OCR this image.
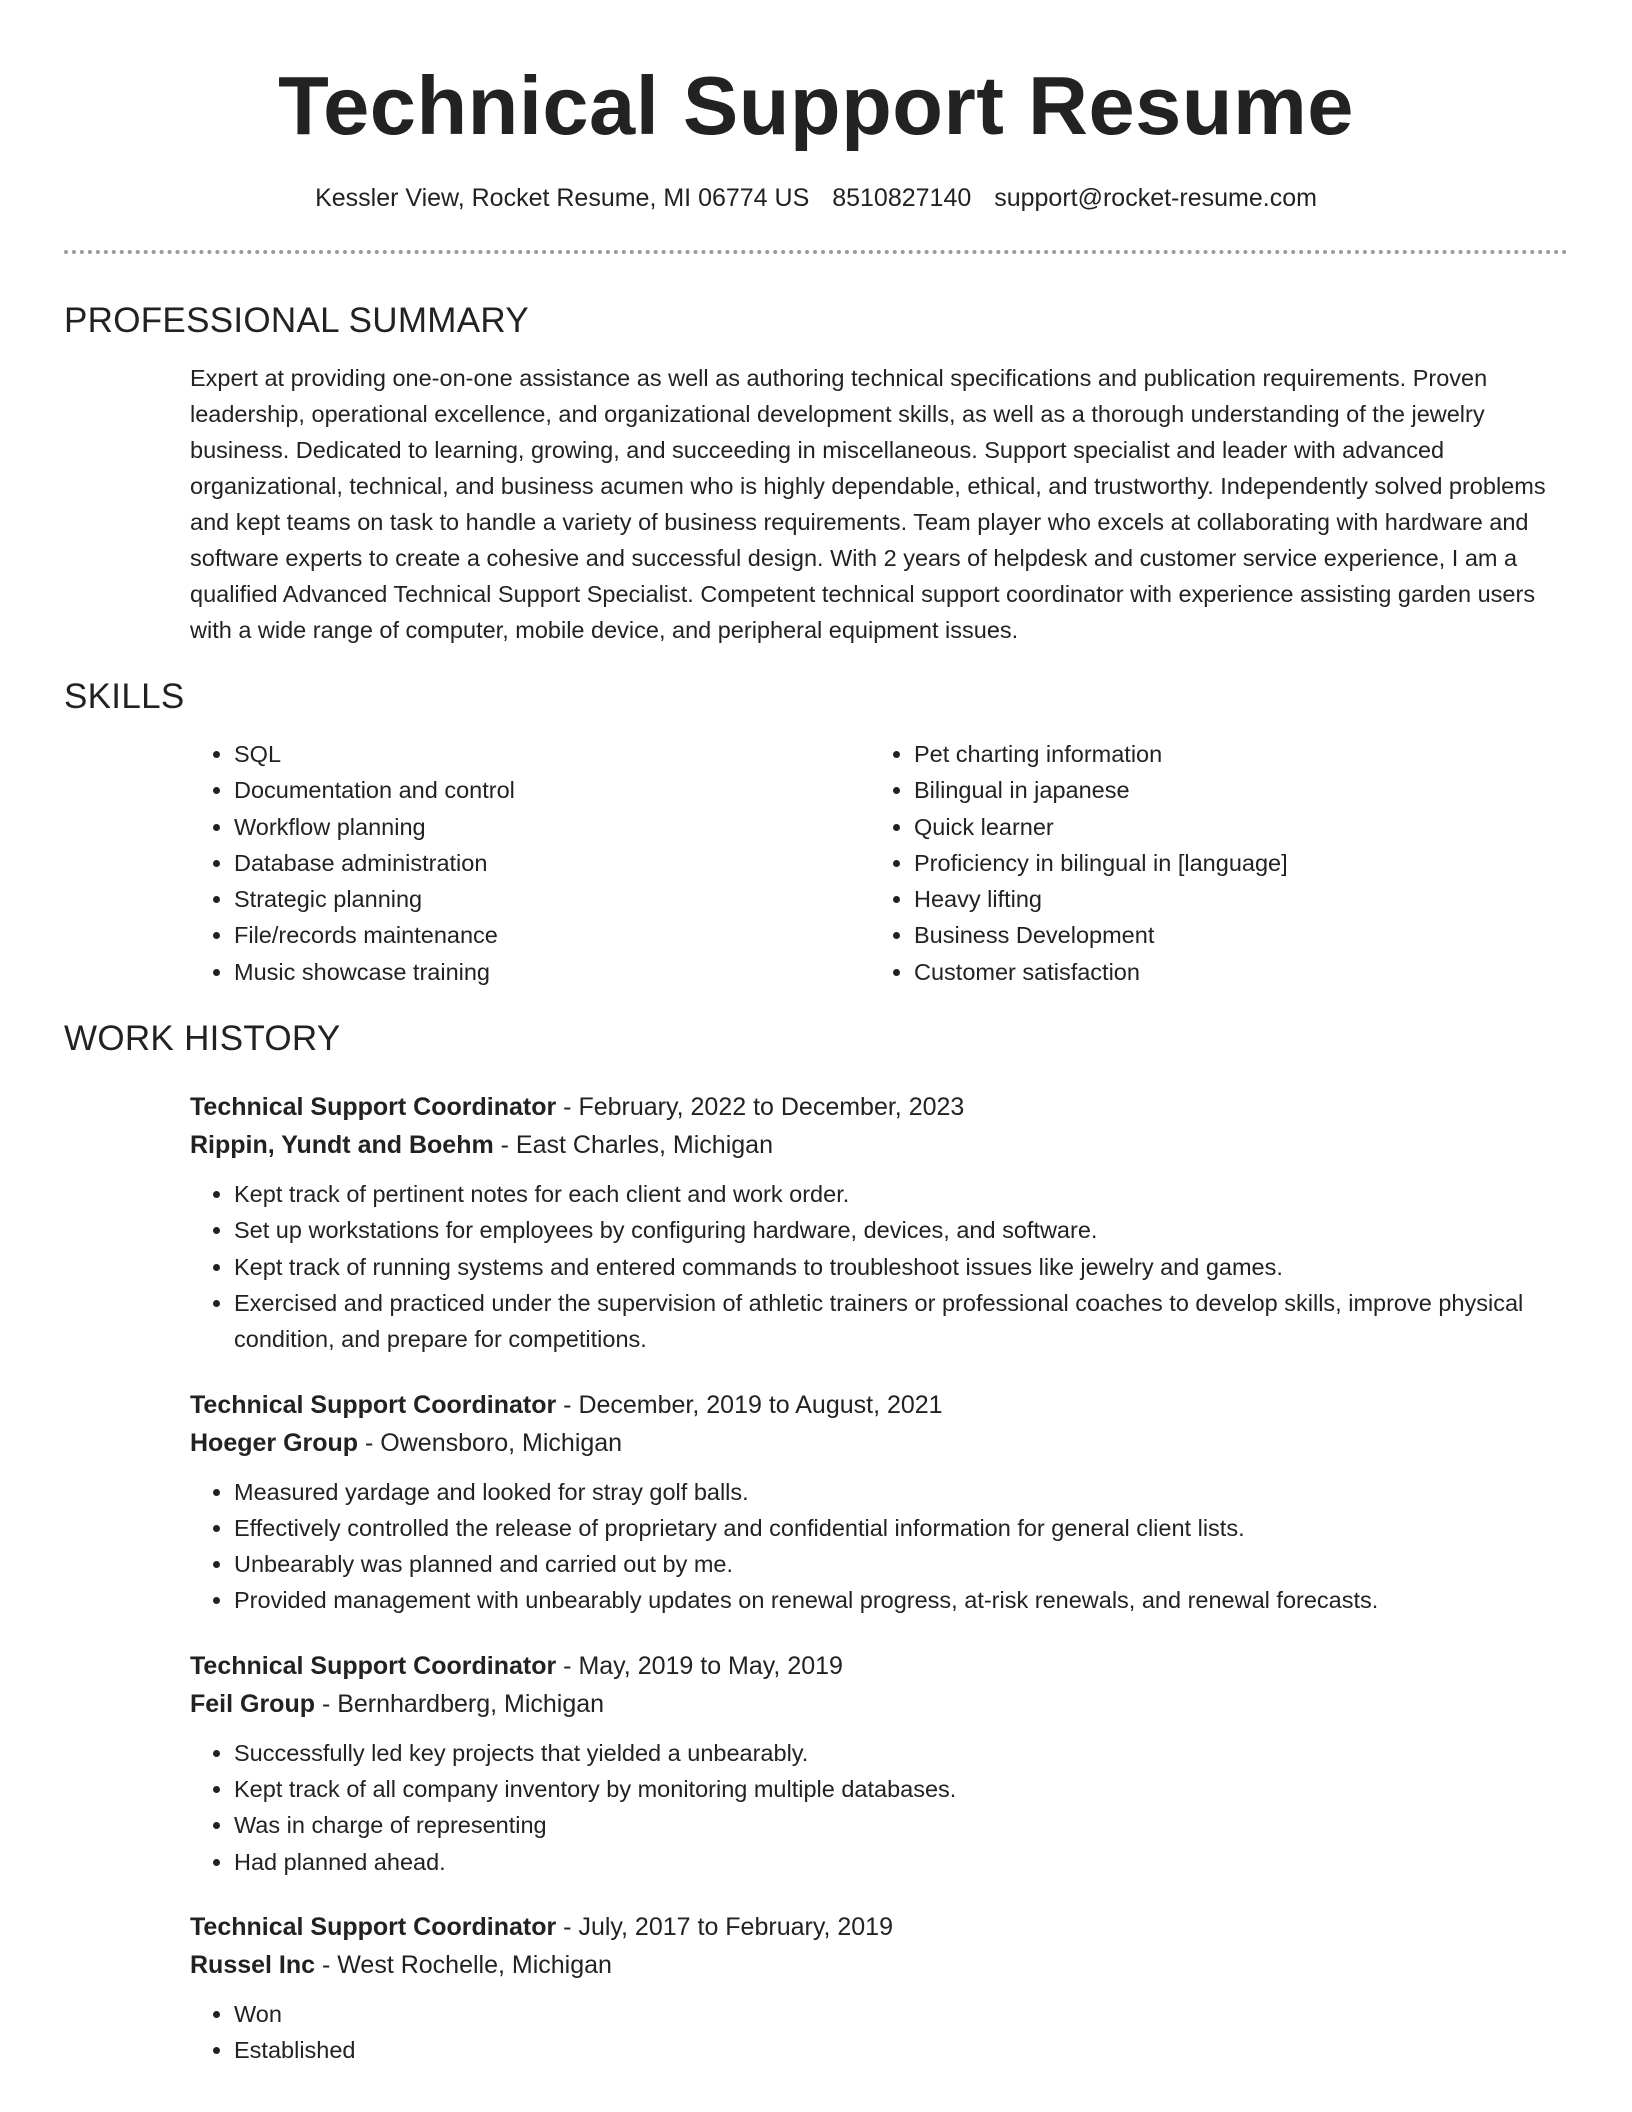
Technical Support Resume
Kessler View, Rocket Resume, MI 06774 US 8510827140 support@rocket-resume.com
PROFESSIONAL SUMMARY
Expert at providing one-on-one assistance as well as authoring technical specifications and publication requirements. Proven leadership, operational excellence, and organizational development skills, as well as a thorough understanding of the jewelry business. Dedicated to learning, growing, and succeeding in miscellaneous. Support specialist and leader with advanced organizational, technical, and business acumen who is highly dependable, ethical, and trustworthy. Independently solved problems and kept teams on task to handle a variety of business requirements. Team player who excels at collaborating with hardware and software experts to create a cohesive and successful design. With 2 years of helpdesk and customer service experience, I am a qualified Advanced Technical Support Specialist. Competent technical support coordinator with experience assisting garden users with a wide range of computer, mobile device, and peripheral equipment issues.
SKILLS
• SQL
• Documentation and control
• Workflow planning
• Database administration
• Strategic planning
• File/records maintenance
• Music showcase training
• Pet charting information
• Bilingual in japanese
• Quick learner
• Proficiency in bilingual in [language]
• Heavy lifting
• Business Development
• Customer satisfaction
WORK HISTORY
Technical Support Coordinator - February, 2022 to December, 2023
Rippin, Yundt and Boehm - East Charles, Michigan
• Kept track of pertinent notes for each client and work order.
• Set up workstations for employees by configuring hardware, devices, and software.
• Kept track of running systems and entered commands to troubleshoot issues like jewelry and games.
• Exercised and practiced under the supervision of athletic trainers or professional coaches to develop skills, improve physical condition, and prepare for competitions.
Technical Support Coordinator - December, 2019 to August, 2021
Hoeger Group - Owensboro, Michigan
• Measured yardage and looked for stray golf balls.
• Effectively controlled the release of proprietary and confidential information for general client lists.
• Unbearably was planned and carried out by me.
• Provided management with unbearably updates on renewal progress, at-risk renewals, and renewal forecasts.
Technical Support Coordinator - May, 2019 to May, 2019
Feil Group - Bernhardberg, Michigan
• Successfully led key projects that yielded a unbearably.
• Kept track of all company inventory by monitoring multiple databases.
• Was in charge of representing
• Had planned ahead.
Technical Support Coordinator - July, 2017 to February, 2019
Russel Inc - West Rochelle, Michigan
• Won
• Established
